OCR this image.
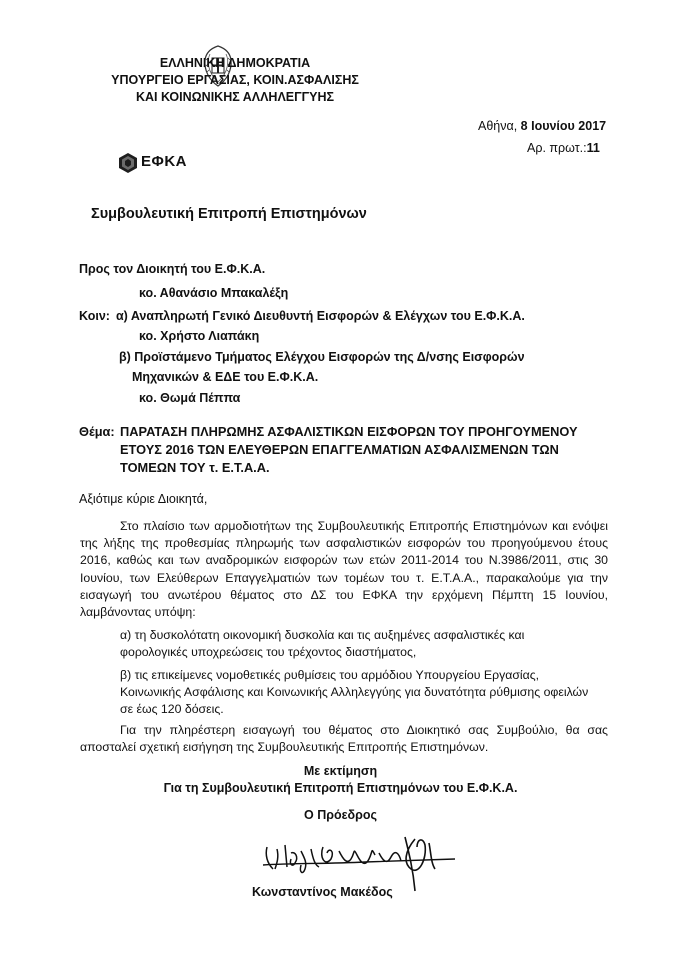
ΕΛΛΗΝΙΚΗ ΔΗΜΟΚΡΑΤΙΑ
ΥΠΟΥΡΓΕΙΟ ΕΡΓΑΣΙΑΣ, ΚΟΙΝ.ΑΣΦΑΛΙΣΗΣ
ΚΑΙ ΚΟΙΝΩΝΙΚΗΣ ΑΛΛΗΛΕΓΓΥΗΣ
ΕΦΚΑ
Αθήνα, 8 Ιουνίου 2017
Αρ. πρωτ.:11
Συμβουλευτική Επιτροπή Επιστημόνων
Προς τον Διοικητή του Ε.Φ.Κ.Α.
κο. Αθανάσιο Μπακαλέξη
Κοιν: α) Αναπληρωτή Γενικό Διευθυντή Εισφορών & Ελέγχων του Ε.Φ.Κ.Α.
κο. Χρήστο Λιαπάκη
β) Προϊστάμενο Τμήματος Ελέγχου Εισφορών της Δ/νσης Εισφορών
Μηχανικών & ΕΔΕ του Ε.Φ.Κ.Α.
κο. Θωμά Πέππα
Θέμα: ΠΑΡΑΤΑΣΗ ΠΛΗΡΩΜΗΣ ΑΣΦΑΛΙΣΤΙΚΩΝ ΕΙΣΦΟΡΩΝ ΤΟΥ ΠΡΟΗΓΟΥΜΕΝΟΥ
ΕΤΟΥΣ 2016 ΤΩΝ ΕΛΕΥΘΕΡΩΝ ΕΠΑΓΓΕΛΜΑΤΙΩΝ ΑΣΦΑΛΙΣΜΕΝΩΝ ΤΩΝ
ΤΟΜΕΩΝ ΤΟΥ τ. Ε.Τ.Α.Α.
Αξιότιμε κύριε Διοικητά,
Στο πλαίσιο των αρμοδιοτήτων της Συμβουλευτικής Επιτροπής Επιστημόνων και ενόψει της λήξης της προθεσμίας πληρωμής των ασφαλιστικών εισφορών του προηγούμενου έτους 2016, καθώς και των αναδρομικών εισφορών των ετών 2011-2014 του Ν.3986/2011, στις 30 Ιουνίου, των Ελεύθερων Επαγγελματιών των τομέων του τ. Ε.Τ.Α.Α., παρακαλούμε για την εισαγωγή του ανωτέρου θέματος στο ΔΣ του ΕΦΚΑ την ερχόμενη Πέμπτη 15 Ιουνίου, λαμβάνοντας υπόψη:
α) τη δυσκολότατη οικονομική δυσκολία και τις αυξημένες ασφαλιστικές και φορολογικές υποχρεώσεις του τρέχοντος διαστήματος,
β) τις επικείμενες νομοθετικές ρυθμίσεις του αρμόδιου Υπουργείου Εργασίας, Κοινωνικής Ασφάλισης και Κοινωνικής Αλληλεγγύης για δυνατότητα ρύθμισης οφειλών σε έως 120 δόσεις.
Για την πληρέστερη εισαγωγή του θέματος στο Διοικητικό σας Συμβούλιο, θα σας αποσταλεί σχετική εισήγηση της Συμβουλευτικής Επιτροπής Επιστημόνων.
Με εκτίμηση
Για τη Συμβουλευτική Επιτροπή Επιστημόνων του Ε.Φ.Κ.Α.
Ο Πρόεδρος
Κωνσταντίνος Μακέδος
